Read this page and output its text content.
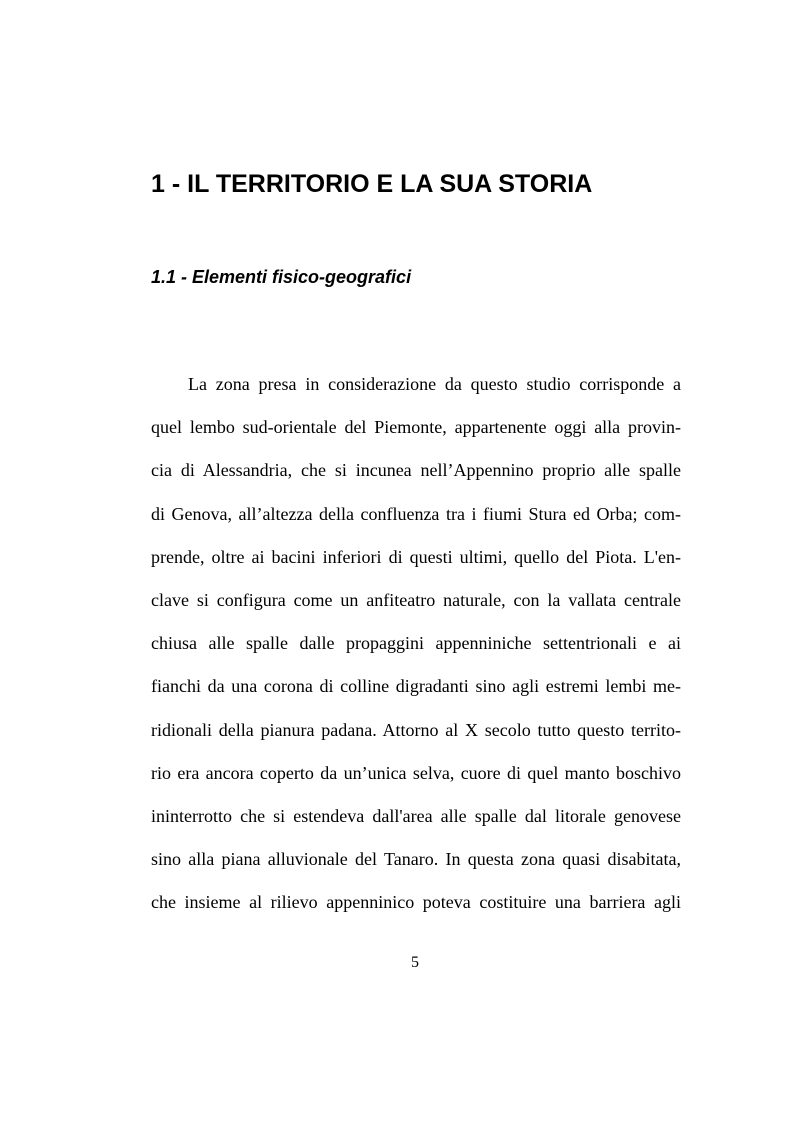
1 - IL TERRITORIO E LA SUA STORIA
1.1 - Elementi fisico-geografici
La zona presa in considerazione da questo studio corrisponde a
quel lembo sud-orientale del Piemonte, appartenente oggi alla provin-
cia di Alessandria, che si incunea nell’Appennino proprio alle spalle
di Genova, all’altezza della confluenza tra i fiumi Stura ed Orba; com-
prende, oltre ai bacini inferiori di questi ultimi, quello del Piota. L'en-
clave si configura come un anfiteatro naturale, con la vallata centrale
chiusa alle spalle dalle propaggini appenniniche settentrionali e ai
fianchi da una corona di colline digradanti sino agli estremi lembi me-
ridionali della pianura padana. Attorno al X secolo tutto questo territo-
rio era ancora coperto da un’unica selva, cuore di quel manto boschivo
ininterrotto che si estendeva dall'area alle spalle dal litorale genovese
sino alla piana alluvionale del Tanaro. In questa zona quasi disabitata,
che insieme al rilievo appenninico poteva costituire una barriera agli
5
